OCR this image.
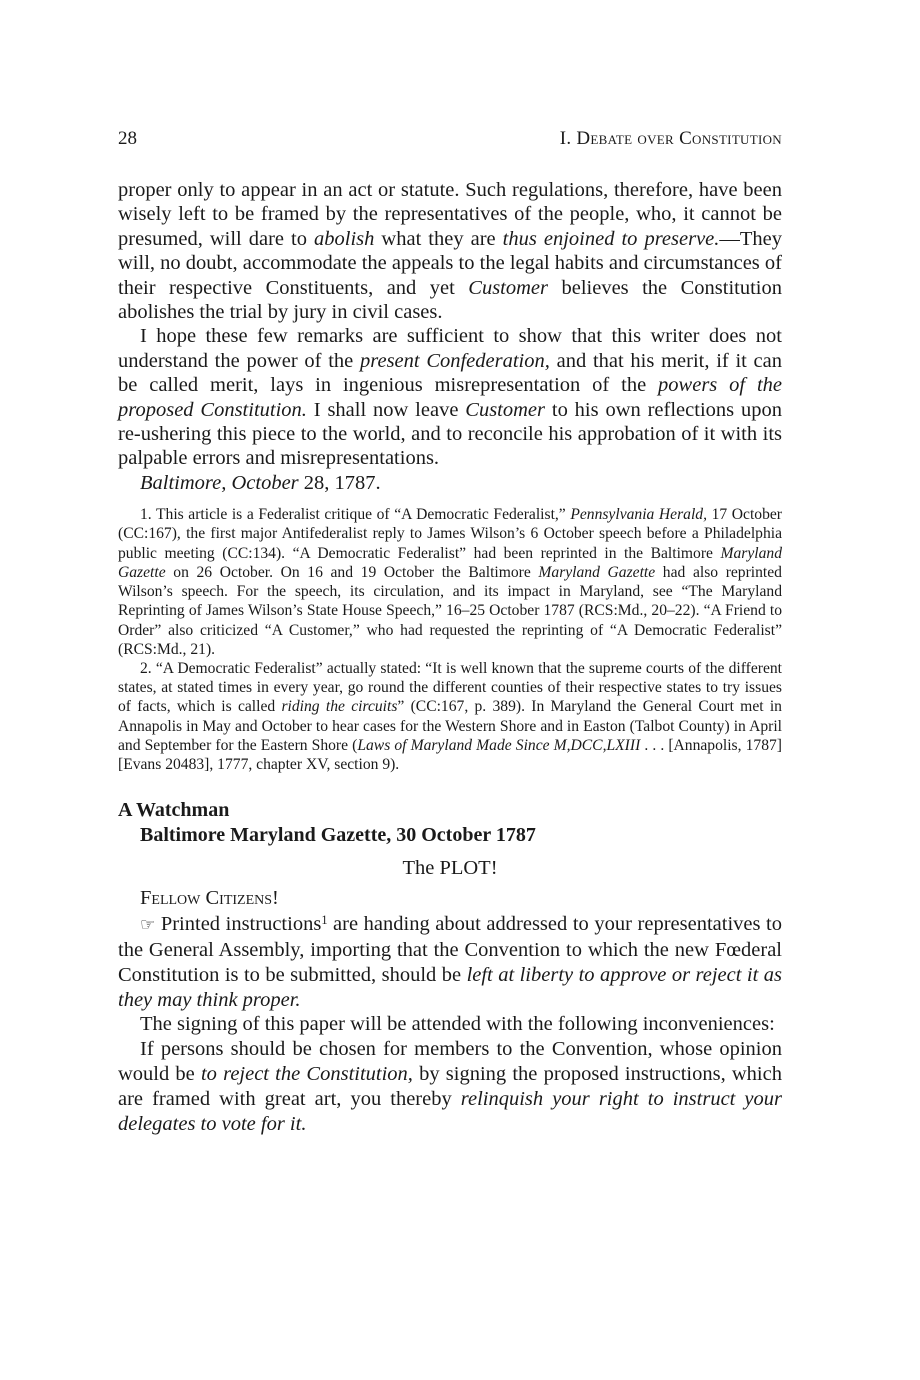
28	I. Debate over Constitution

proper only to appear in an act or statute. Such regulations, therefore, have been wisely left to be framed by the representatives of the people, who, it cannot be presumed, will dare to abolish what they are thus enjoined to preserve.—They will, no doubt, accommodate the appeals to the legal habits and circumstances of their respective Constituents, and yet Customer believes the Constitution abolishes the trial by jury in civil cases.

I hope these few remarks are sufficient to show that this writer does not understand the power of the present Confederation, and that his merit, if it can be called merit, lays in ingenious misrepresentation of the powers of the proposed Constitution. I shall now leave Customer to his own reflections upon re-ushering this piece to the world, and to reconcile his approbation of it with its palpable errors and misrepresentations.

Baltimore, October 28, 1787.

1. This article is a Federalist critique of “A Democratic Federalist,” Pennsylvania Herald, 17 October (CC:167), the first major Antifederalist reply to James Wilson’s 6 October speech before a Philadelphia public meeting (CC:134). “A Democratic Federalist” had been reprinted in the Baltimore Maryland Gazette on 26 October. On 16 and 19 October the Baltimore Maryland Gazette had also reprinted Wilson’s speech. For the speech, its circulation, and its impact in Maryland, see “The Maryland Reprinting of James Wilson’s State House Speech,” 16–25 October 1787 (RCS:Md., 20–22). “A Friend to Order” also criticized “A Customer,” who had requested the reprinting of “A Democratic Federalist” (RCS:Md., 21).

2. “A Democratic Federalist” actually stated: “It is well known that the supreme courts of the different states, at stated times in every year, go round the different counties of their respective states to try issues of facts, which is called riding the circuits” (CC:167, p. 389). In Maryland the General Court met in Annapolis in May and October to hear cases for the Western Shore and in Easton (Talbot County) in April and September for the Eastern Shore (Laws of Maryland Made Since M,DCC,LXIII . . . [Annapolis, 1787] [Evans 20483], 1777, chapter XV, section 9).

A Watchman
Baltimore Maryland Gazette, 30 October 1787
The PLOT!
Fellow Citizens!

☞ Printed instructions$^1$ are handing about addressed to your representatives to the General Assembly, importing that the Convention to which the new Fœderal Constitution is to be submitted, should be left at liberty to approve or reject it as they may think proper.

The signing of this paper will be attended with the following inconveniences:

If persons should be chosen for members to the Convention, whose opinion would be to reject the Constitution, by signing the proposed instructions, which are framed with great art, you thereby relinquish your right to instruct your delegates to vote for it.
